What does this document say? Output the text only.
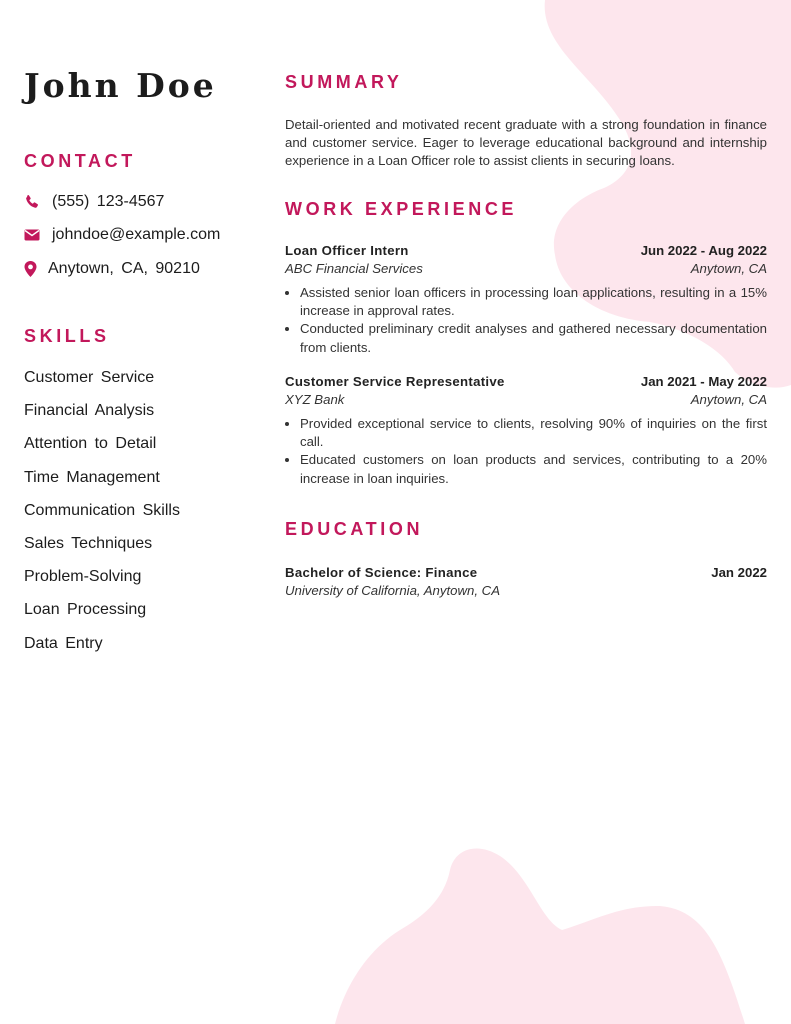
John Doe
CONTACT
(555) 123-4567
johndoe@example.com
Anytown, CA, 90210
SKILLS
Customer Service
Financial Analysis
Attention to Detail
Time Management
Communication Skills
Sales Techniques
Problem-Solving
Loan Processing
Data Entry
SUMMARY

Detail-oriented and motivated recent graduate with a strong foundation in finance and customer service. Eager to leverage educational background and internship experience in a Loan Officer role to assist clients in securing loans.

WORK EXPERIENCE
Loan Officer Intern	Jun 2022 - Aug 2022
ABC Financial Services	Anytown, CA
• Assisted senior loan officers in processing loan applications, resulting in a 15% increase in approval rates.
• Conducted preliminary credit analyses and gathered necessary documentation from clients.
Customer Service Representative	Jan 2021 - May 2022
XYZ Bank	Anytown, CA
• Provided exceptional service to clients, resolving 90% of inquiries on the first call.
• Educated customers on loan products and services, contributing to a 20% increase in loan inquiries.
EDUCATION
Bachelor of Science: Finance	Jan 2022
University of California, Anytown, CA
